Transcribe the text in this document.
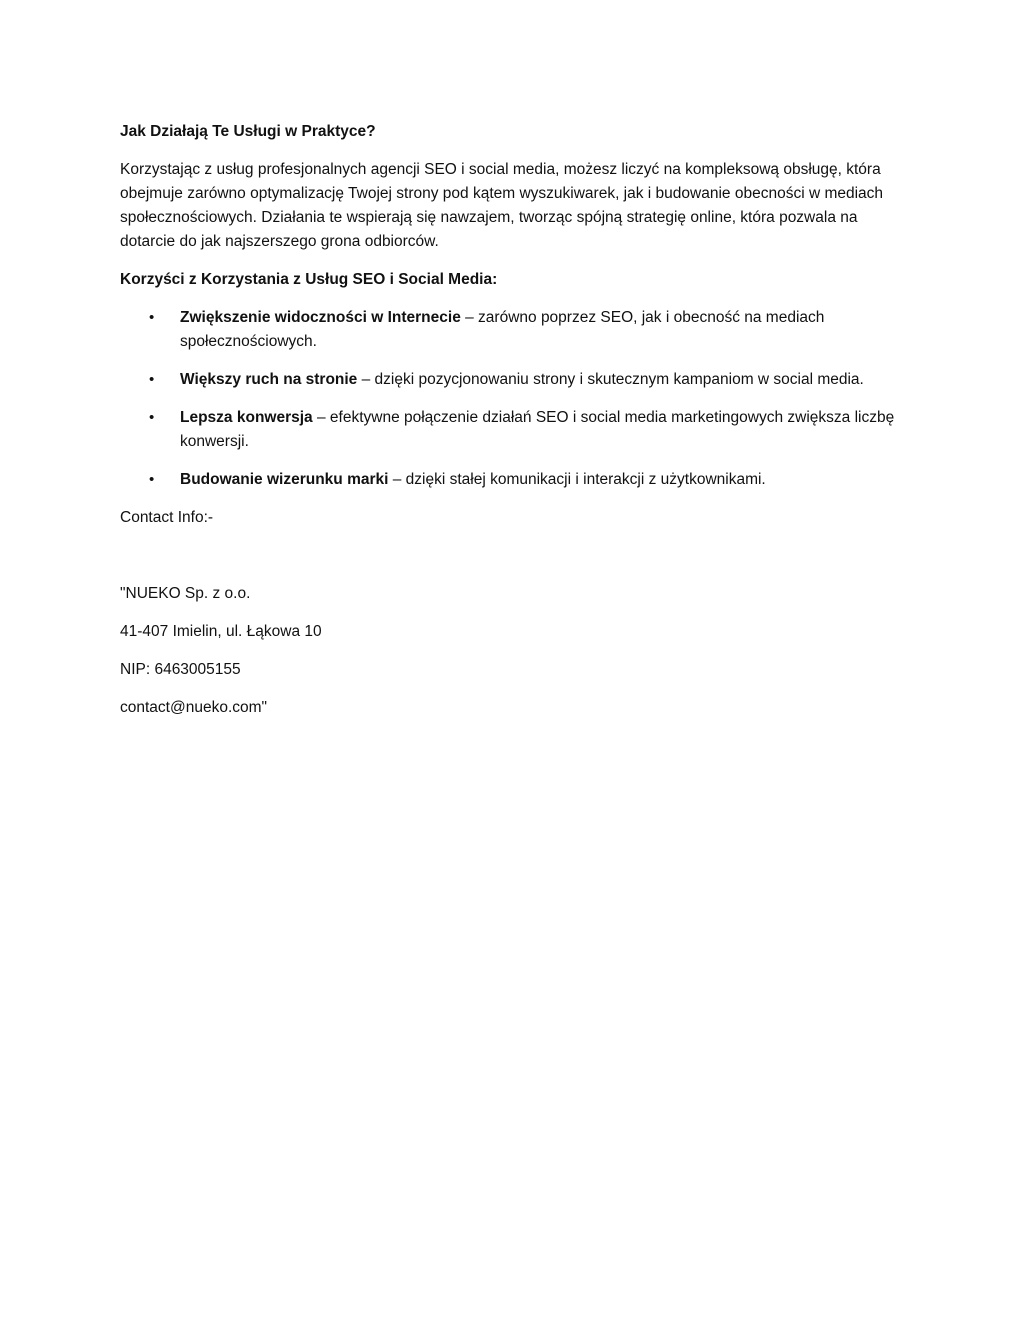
Jak Działają Te Usługi w Praktyce?

Korzystając z usług profesjonalnych agencji SEO i social media, możesz liczyć na kompleksową obsługę, która obejmuje zarówno optymalizację Twojej strony pod kątem wyszukiwarek, jak i budowanie obecności w mediach społecznościowych. Działania te wspierają się nawzajem, tworząc spójną strategię online, która pozwala na dotarcie do jak najszerszego grona odbiorców.

Korzyści z Korzystania z Usług SEO i Social Media:

• Zwiększenie widoczności w Internecie – zarówno poprzez SEO, jak i obecność na mediach społecznościowych.
• Większy ruch na stronie – dzięki pozycjonowaniu strony i skutecznym kampaniom w social media.
• Lepsza konwersja – efektywne połączenie działań SEO i social media marketingowych zwiększa liczbę konwersji.
• Budowanie wizerunku marki – dzięki stałej komunikacji i interakcji z użytkownikami.

Contact Info:-

"NUEKO Sp. z o.o.

41-407 Imielin, ul. Łąkowa 10

NIP: 6463005155

contact@nueko.com"
